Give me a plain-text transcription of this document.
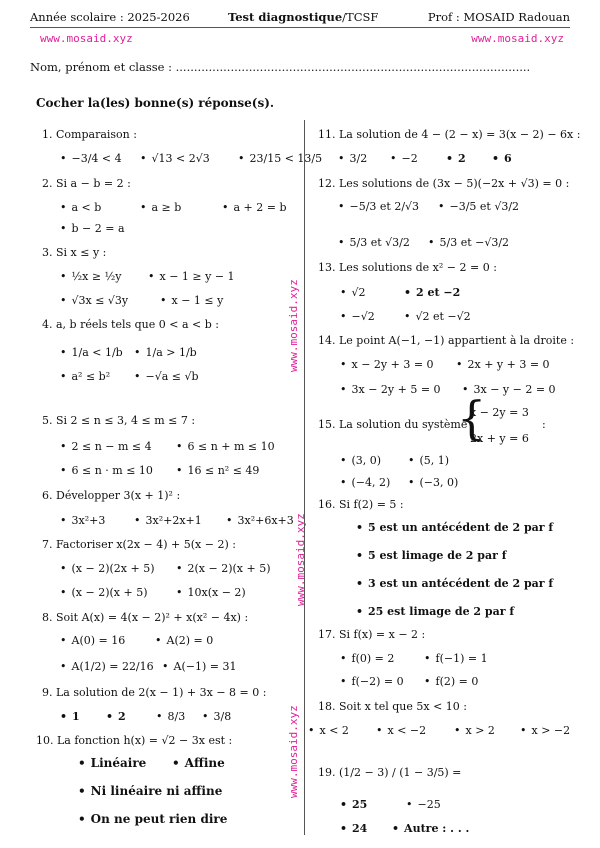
Année scolaire : 2025-2026	Test diagnostique/TCSF	Prof : MOSAID Radouan
www.mosaid.xyz	www.mosaid.xyz
Nom, prénom et classe : .................................................................................................
Cocher la(les) bonne(s) réponse(s).
www.mosaid.xyz
www.mosaid.xyz
www.mosaid.xyz
1. Comparaison :
• −3/4 < 4	• √13 < 2√3	• 23/15 < 13/5
2. Si a − b = 2 :
• a < b	• a ≥ b	• a + 2 = b
• b − 2 = a
3. Si x ≤ y :
• ½x ≥ ½y	• x − 1 ≥ y − 1
• √3x ≤ √3y	• x − 1 ≤ y
4. a, b réels tels que 0 < a < b :
• 1/a < 1/b	• 1/a > 1/b
• a² ≤ b²	• −√a ≤ √b
5. Si 2 ≤ n ≤ 3, 4 ≤ m ≤ 7 :
• 2 ≤ n − m ≤ 4	• 6 ≤ n + m ≤ 10
• 6 ≤ n · m ≤ 10	• 16 ≤ n² ≤ 49
6. Développer 3(x + 1)² :
• 3x²+3	• 3x²+2x+1	• 3x²+6x+3
7. Factoriser x(2x − 4) + 5(x − 2) :
• (x − 2)(2x + 5)	• 2(x − 2)(x + 5)
• (x − 2)(x + 5)	• 10x(x − 2)
8. Soit A(x) = 4(x − 2)² + x(x² − 4x) :
• A(0) = 16	• A(2) = 0
• A(1/2) = 22/16	• A(−1) = 31
9. La solution de 2(x − 1) + 3x − 8 = 0 :
• 1	• 2	• 8/3	• 3/8
10. La fonction h(x) = √2 − 3x est :
• Linéaire	• Affine
• Ni linéaire ni affine
• On ne peut rien dire
11. La solution de 4 − (2 − x) = 3(x − 2) − 6x :
• 3/2	• −2	• 2	• 6
12. Les solutions de (3x − 5)(−2x + √3) = 0 :
• −5/3 et 2/√3	• −3/5 et √3/2
• 5/3 et √3/2	• 5/3 et −√3/2
13. Les solutions de x² − 2 = 0 :
• √2	• 2 et −2
• −√2	• √2 et −√2
14. Le point A(−1, −1) appartient à la droite :
• x − 2y + 3 = 0	• 2x + y + 3 = 0
• 3x − 2y + 5 = 0	• 3x − y − 2 = 0
15. La solution du système
{
x − 2y = 3
2x + y = 6
:
• (3, 0)	• (5, 1)
• (−4, 2)	• (−3, 0)
16. Si f(2) = 5 :
• 5 est un antécédent de 2 par f
• 5 est limage de 2 par f
• 3 est un antécédent de 2 par f
• 25 est limage de 2 par f
17. Si f(x) = x − 2 :
• f(0) = 2	• f(−1) = 1
• f(−2) = 0	• f(2) = 0
18. Soit x tel que 5x < 10 :
• x < 2	• x < −2	• x > 2	• x > −2
19. (1/2 − 3) / (1 − 3/5) =
• 25	• −25
• 24	• Autre : . . .
